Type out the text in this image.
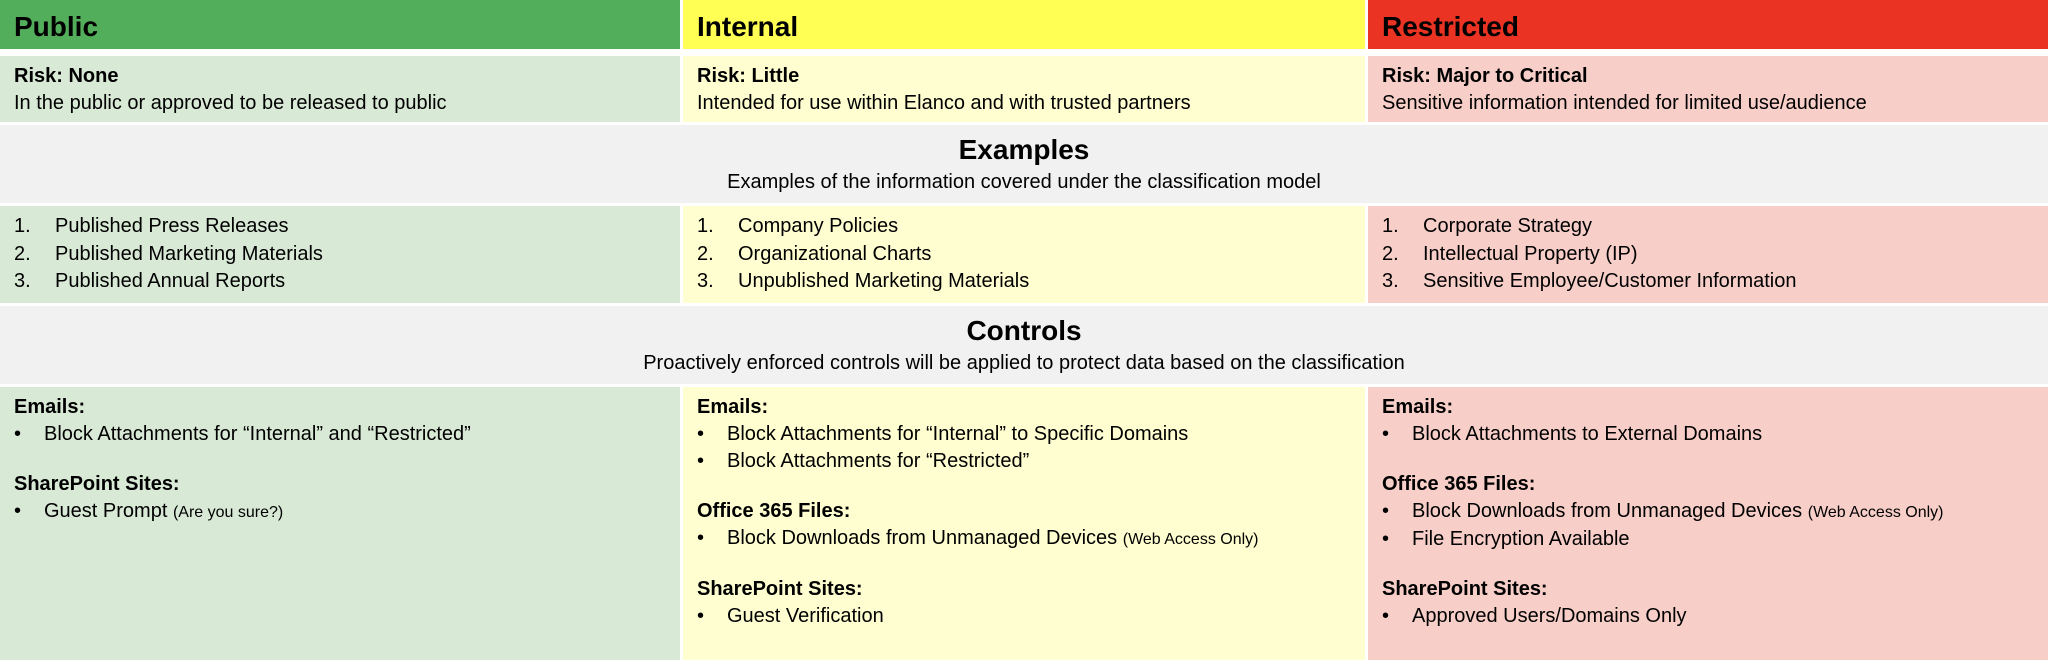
Public	Internal	Restricted
Risk: None
In the public or approved to be released to public
Risk: Little
Intended for use within Elanco and with trusted partners
Risk: Major to Critical
Sensitive information intended for limited use/audience
Examples

Examples of the information covered under the classification model

1. Published Press Releases
2. Published Marketing Materials
3. Published Annual Reports
1. Company Policies
2. Organizational Charts
3. Unpublished Marketing Materials
1. Corporate Strategy
2. Intellectual Property (IP)
3. Sensitive Employee/Customer Information
Controls

Proactively enforced controls will be applied to protect data based on the classification

Emails:
• Block Attachments for “Internal” and “Restricted”
SharePoint Sites:
• Guest Prompt (Are you sure?)
Emails:
• Block Attachments for “Internal” to Specific Domains
• Block Attachments for “Restricted”
Office 365 Files:
• Block Downloads from Unmanaged Devices (Web Access Only)
SharePoint Sites:
• Guest Verification
Emails:
• Block Attachments to External Domains
Office 365 Files:
• Block Downloads from Unmanaged Devices (Web Access Only)
• File Encryption Available
SharePoint Sites:
• Approved Users/Domains Only
